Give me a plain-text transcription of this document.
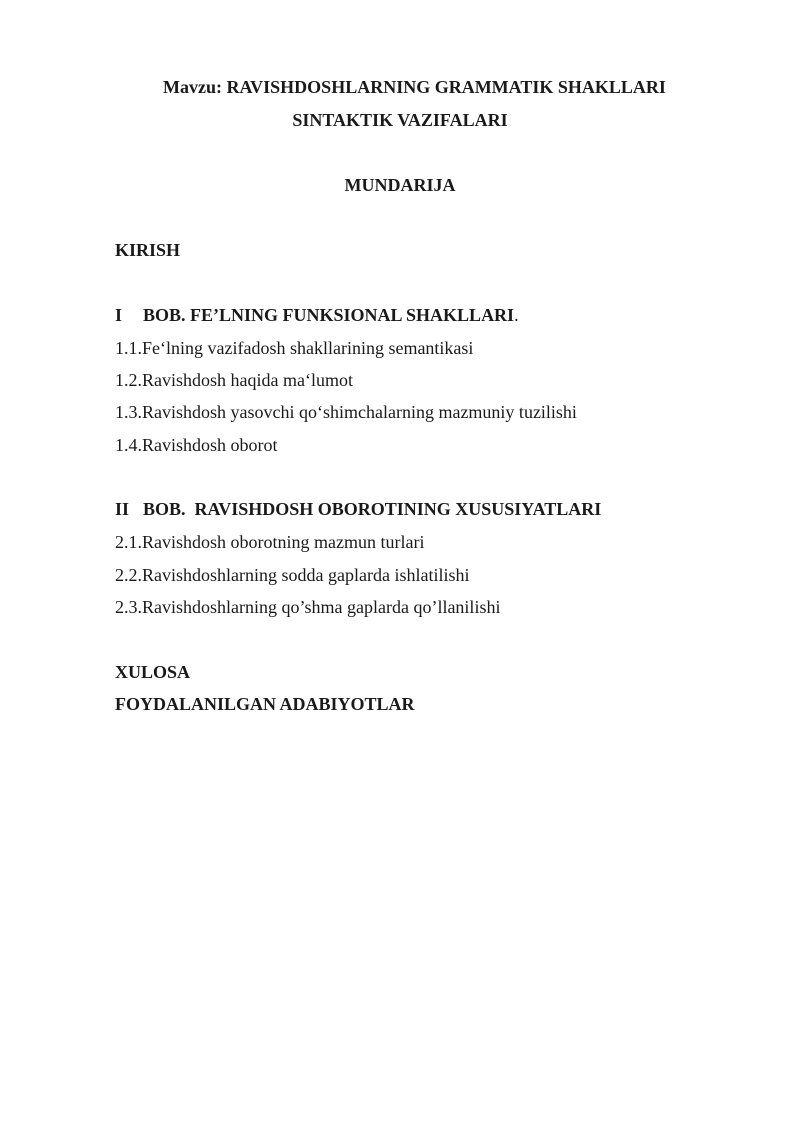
Mavzu: RAVISHDOSHLARNING GRAMMATIK SHAKLLARI
SINTAKTIK VAZIFALARI
MUNDARIJA
KIRISH
I BOB. FE’LNING FUNKSIONAL SHAKLLARI.
1.1.Fe‘lning vazifadosh shakllarining semantikasi
1.2.Ravishdosh haqida ma‘lumot
1.3.Ravishdosh yasovchi qo‘shimchalarning mazmuniy tuzilishi
1.4.Ravishdosh oborot
II BOB.  RAVISHDOSH OBOROTINING XUSUSIYATLARI
2.1.Ravishdosh oborotning mazmun turlari
2.2.Ravishdoshlarning sodda gaplarda ishlatilishi
2.3.Ravishdoshlarning qo’shma gaplarda qo’llanilishi
XULOSA
FOYDALANILGAN ADABIYOTLAR
